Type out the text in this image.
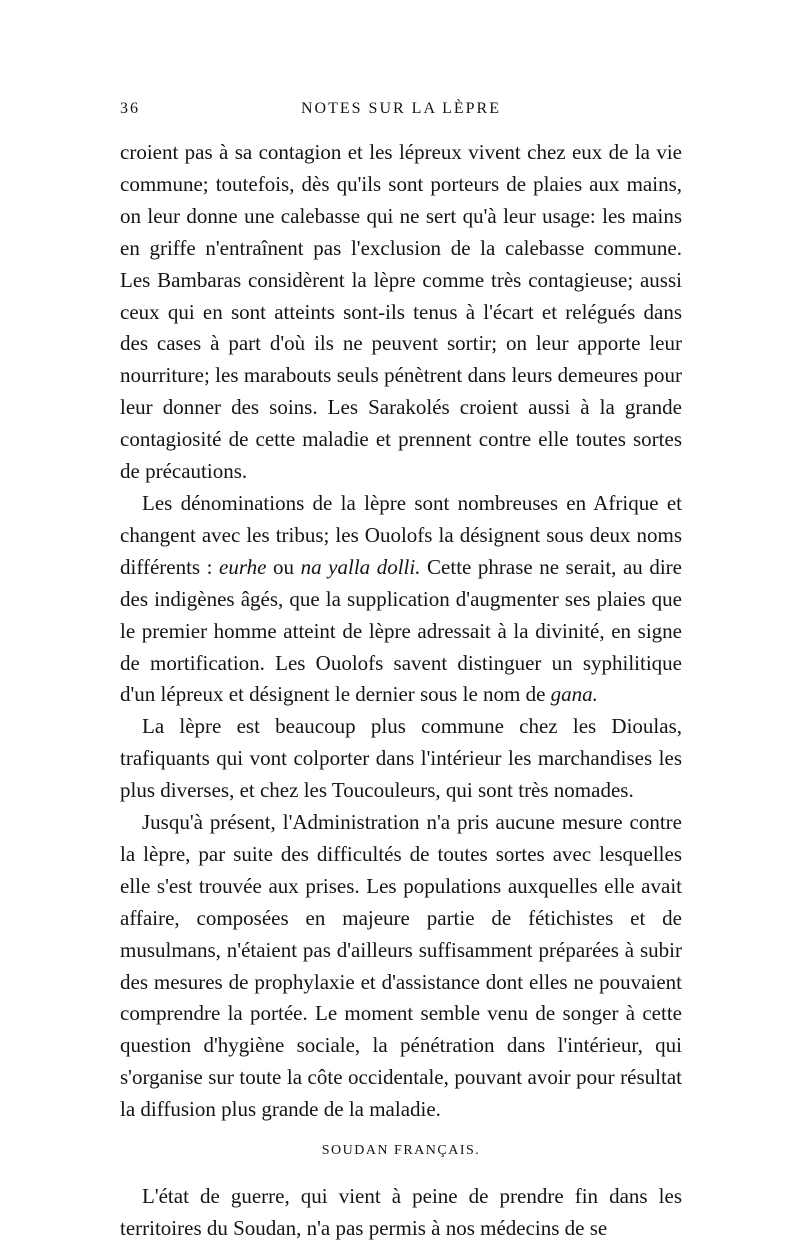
36	NOTES SUR LA LÈPRE

croient pas à sa contagion et les lépreux vivent chez eux de la vie commune; toutefois, dès qu'ils sont porteurs de plaies aux mains, on leur donne une calebasse qui ne sert qu'à leur usage: les mains en griffe n'entraînent pas l'exclusion de la calebasse commune. Les Bambaras considèrent la lèpre comme très contagieuse; aussi ceux qui en sont atteints sont-ils tenus à l'écart et relégués dans des cases à part d'où ils ne peuvent sortir; on leur apporte leur nourriture; les marabouts seuls pénètrent dans leurs demeures pour leur donner des soins. Les Sarakolés croient aussi à la grande contagiosité de cette maladie et prennent contre elle toutes sortes de précautions.

Les dénominations de la lèpre sont nombreuses en Afrique et changent avec les tribus; les Ouolofs la désignent sous deux noms différents : eurhe ou na yalla dolli. Cette phrase ne serait, au dire des indigènes âgés, que la supplication d'augmenter ses plaies que le premier homme atteint de lèpre adressait à la divinité, en signe de mortification. Les Ouolofs savent distinguer un syphilitique d'un lépreux et désignent le dernier sous le nom de gana.

La lèpre est beaucoup plus commune chez les Dioulas, trafiquants qui vont colporter dans l'intérieur les marchandises les plus diverses, et chez les Toucouleurs, qui sont très nomades.

Jusqu'à présent, l'Administration n'a pris aucune mesure contre la lèpre, par suite des difficultés de toutes sortes avec lesquelles elle s'est trouvée aux prises. Les populations auxquelles elle avait affaire, composées en majeure partie de fétichistes et de musulmans, n'étaient pas d'ailleurs suffisamment préparées à subir des mesures de prophylaxie et d'assistance dont elles ne pouvaient comprendre la portée. Le moment semble venu de songer à cette question d'hygiène sociale, la pénétration dans l'intérieur, qui s'organise sur toute la côte occidentale, pouvant avoir pour résultat la diffusion plus grande de la maladie.

SOUDAN FRANÇAIS.

L'état de guerre, qui vient à peine de prendre fin dans les territoires du Soudan, n'a pas permis à nos médecins de se
